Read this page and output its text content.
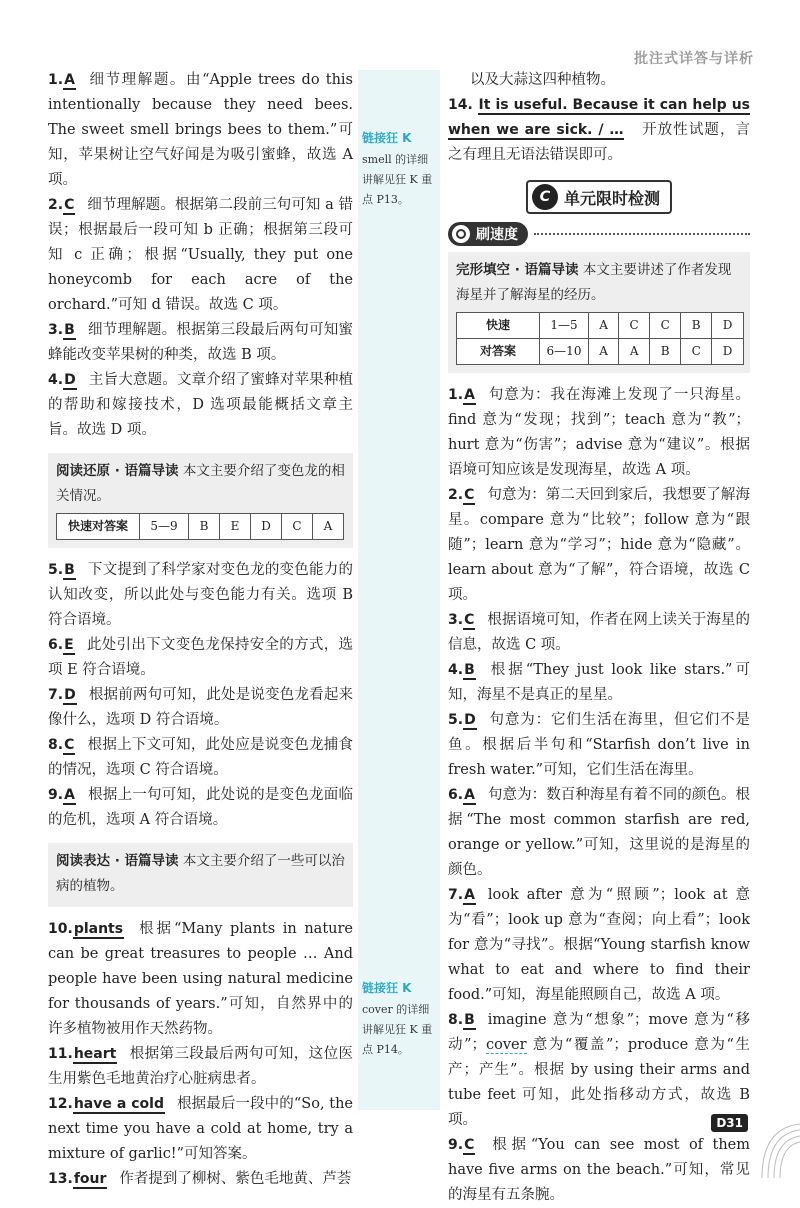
批注式详答与详析
链接狂 K
smell 的详细讲解见狂 K 重点 P13。
链接狂 K
cover 的详细讲解见狂 K 重点 P14。
1.A 细节理解题。由“Apple trees do this intentionally because they need bees. The sweet smell brings bees to them.”可知，苹果树让空气好闻是为吸引蜜蜂，故选 A 项。
2.C 细节理解题。根据第二段前三句可知 a 错误；根据最后一段可知 b 正确；根据第三段可知 c 正确；根据“Usually, they put one honeycomb for each acre of the orchard.”可知 d 错误。故选 C 项。
3.B 细节理解题。根据第三段最后两句可知蜜蜂能改变苹果树的种类，故选 B 项。
4.D 主旨大意题。文章介绍了蜜蜂对苹果种植的帮助和嫁接技术，D 选项最能概括文章主旨。故选 D 项。
阅读还原 · 语篇导读 本文主要介绍了变色龙的相关情况。
快速对答案	5—9	B	E	D	C	A
5.B 下文提到了科学家对变色龙的变色能力的认知改变，所以此处与变色能力有关。选项 B 符合语境。
6.E 此处引出下文变色龙保持安全的方式，选项 E 符合语境。
7.D 根据前两句可知，此处是说变色龙看起来像什么，选项 D 符合语境。
8.C 根据上下文可知，此处应是说变色龙捕食的情况，选项 C 符合语境。
9.A 根据上一句可知，此处说的是变色龙面临的危机，选项 A 符合语境。
阅读表达 · 语篇导读 本文主要介绍了一些可以治病的植物。
10.plants 根据“Many plants in nature can be great treasures to people … And people have been using natural medicine for thousands of years.”可知，自然界中的许多植物被用作天然药物。
11.heart 根据第三段最后两句可知，这位医生用紫色毛地黄治疗心脏病患者。
12.have a cold 根据最后一段中的“So, the next time you have a cold at home, try a mixture of garlic!”可知答案。
13.four 作者提到了柳树、紫色毛地黄、芦荟
以及大蒜这四种植物。
14. It is useful. Because it can help us when we are sick. / … 开放性试题，言之有理且无语法错误即可。
C 单元限时检测
刷速度
完形填空 · 语篇导读 本文主要讲述了作者发现海星并了解海星的经历。
快速	1—5	A	C	C	B	D
对答案	6—10	A	A	B	C	D
1.A 句意为：我在海滩上发现了一只海星。find 意为“发现；找到”；teach 意为“教”；hurt 意为“伤害”；advise 意为“建议”。根据语境可知应该是发现海星，故选 A 项。
2.C 句意为：第二天回到家后，我想要了解海星。compare 意为“比较”；follow 意为“跟随”；learn 意为“学习”；hide 意为“隐藏”。learn about 意为“了解”，符合语境，故选 C 项。
3.C 根据语境可知，作者在网上读关于海星的信息，故选 C 项。
4.B 根据“They just look like stars.”可知，海星不是真正的星星。
5.D 句意为：它们生活在海里，但它们不是鱼。根据后半句和“Starfish don’t live in fresh water.”可知，它们生活在海里。
6.A 句意为：数百种海星有着不同的颜色。根据“The most common starfish are red, orange or yellow.”可知，这里说的是海星的颜色。
7.A look after 意为“照顾”；look at 意为“看”；look up 意为“查阅；向上看”；look for 意为“寻找”。根据“Young starfish know what to eat and where to find their food.”可知，海星能照顾自己，故选 A 项。
8.B imagine 意为“想象”；move 意为“移动”；cover 意为“覆盖”；produce 意为“生产；产生”。根据 by using their arms and tube feet 可知，此处指移动方式，故选 B 项。
9.C 根据“You can see most of them have five arms on the beach.”可知，常见的海星有五条腕。
D31
